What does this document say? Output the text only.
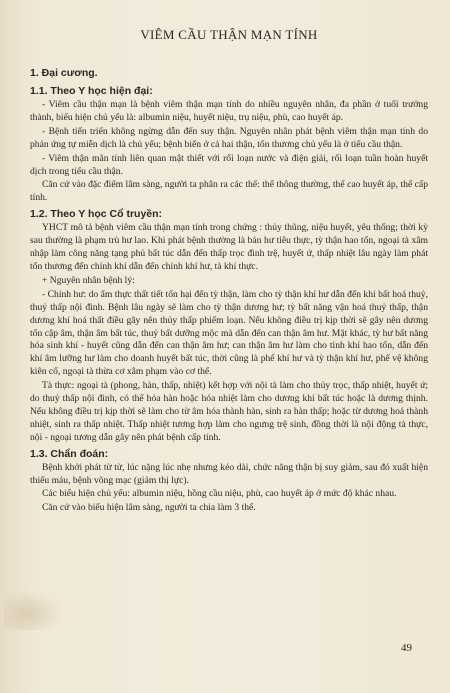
VIÊM CẦU THẬN MẠN TÍNH
1. Đại cương.
1.1. Theo Y học hiện đại:

- Viêm cầu thận mạn là bệnh viêm thận mạn tính do nhiều nguyên nhân, đa phần ở tuổi trưởng thành, biểu hiện chủ yếu là: albumin niệu, huyết niệu, trụ niệu, phù, cao huyết áp.

- Bệnh tiến triển không ngừng dẫn đến suy thận. Nguyên nhân phát bệnh viêm thận mạn tính do phản ứng tự miễn dịch là chủ yếu; bệnh biến ở cả hai thận, tổn thương chủ yếu là ở tiểu cầu thận.

- Viêm thận mãn tính liên quan mật thiết với rối loạn nước và điện giải, rối loạn tuần hoàn huyết dịch trong tiểu cầu thận.

Căn cứ vào đặc điểm lâm sàng, người ta phân ra các thể: thể thông thường, thể cao huyết áp, thể cấp tính.

1.2. Theo Y học Cổ truyền:

YHCT mô tả bệnh viêm cầu thận mạn tính trong chứng : thủy thũng, niệu huyết, yêu thống; thời kỳ sau thường là phạm trù hư lao. Khi phát bệnh thường là bản hư tiêu thực, tỳ thận hao tổn, ngoại tà xâm nhập làm công năng tạng phủ bất túc dẫn đến thấp trọc đình trệ, huyết ứ, thấp nhiệt lâu ngày làm phát tổn thương đến chính khí dẫn đến chính khí hư, tà khí thực.

+ Nguyên nhân bệnh lý:

- Chính hư: do ẩm thực thất tiết tổn hại đến tỳ thận, làm cho tỳ thận khí hư dẫn đến khí bất hoá thuỷ, thuỷ thấp nội đình. Bệnh lâu ngày sẽ làm cho tỳ thận dương hư; tỳ bất năng vận hoá thuỷ thấp, thận dương khí hoá thất điều gây nên thủy thấp phiếm loạn. Nếu không điều trị kịp thời sẽ gây nên dương tổn cập âm, thận âm bất túc, thuỷ bất dưỡng mộc mà dẫn đến can thận âm hư. Mặt khác, tỳ hư bất năng hóa sinh khí - huyết cũng dẫn đến can thận âm hư; can thận âm hư làm cho tinh khí hao tổn, dẫn đến khí âm lưỡng hư làm cho doanh huyết bất túc, thời cũng là phế khí hư và tỳ thận khí hư, phế vệ không kiên cố, ngoại tà thừa cơ xâm phạm vào cơ thể.

Tà thực: ngoại tà (phong, hàn, thấp, nhiệt) kết hợp với nội tà làm cho thủy trọc, thấp nhiệt, huyết ứ; do thuỷ thấp nội đình, có thể hóa hàn hoặc hóa nhiệt làm cho dương khí bất túc hoặc là dương thịnh. Nếu không điều trị kịp thời sẽ làm cho từ âm hóa thành hàn, sinh ra hàn thấp; hoặc từ dương hoá thành nhiệt, sinh ra thấp nhiệt. Thấp nhiệt tương hợp làm cho ngưng trệ sinh, đồng thời là nội động tà thực, nội - ngoại tương dẫn gây nên phát bệnh cấp tính.

1.3. Chẩn đoán:

Bệnh khởi phát từ từ, lúc nặng lúc nhẹ nhưng kéo dài, chức năng thận bị suy giảm, sau đó xuất hiện thiếu máu, bệnh võng mạc (giảm thị lực).

Các biểu hiện chủ yếu: albumin niệu, hồng cầu niệu, phù, cao huyết áp ở mức độ khác nhau.

Căn cứ vào biểu hiện lâm sàng, người ta chia làm 3 thể.

49
